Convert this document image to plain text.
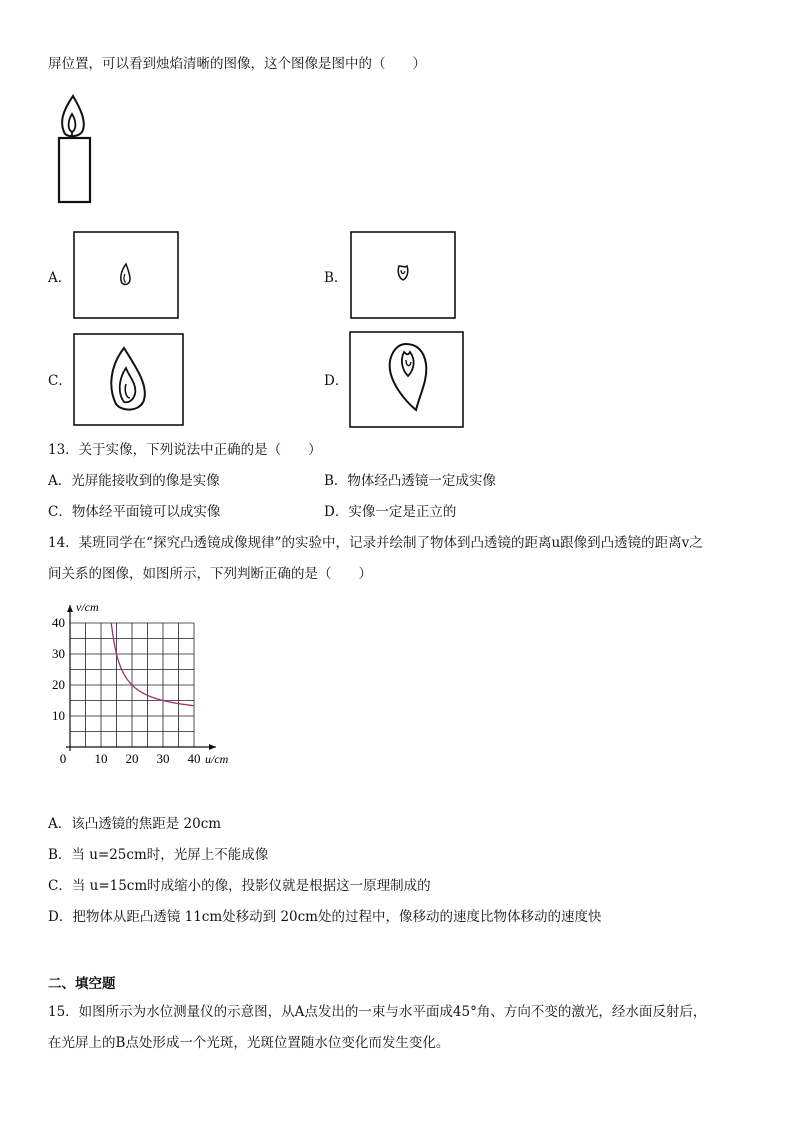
屏位置，可以看到烛焰清晰的图像，这个图像是图中的（　　）
A．	B．
C．	D．
13．关于实像，下列说法中正确的是（　　）
A．光屏能接收到的像是实像	B．物体经凸透镜一定成实像
C．物体经平面镜可以成实像	D．实像一定是正立的
14．某班同学在“探究凸透镜成像规律”的实验中，记录并绘制了物体到凸透镜的距离u跟像到凸透镜的距离v之
间关系的图像，如图所示，下列判断正确的是（　　）
0 10 20 30 40
10
20
30
40
v/cm
u/cm
A．该凸透镜的焦距是 20cm
B．当 u=25cm时，光屏上不能成像
C．当 u=15cm时成缩小的像，投影仪就是根据这一原理制成的
D．把物体从距凸透镜 11cm处移动到 20cm处的过程中，像移动的速度比物体移动的速度快
二、填空题
15．如图所示为水位测量仪的示意图，从A点发出的一束与水平面成45°角、方向不变的激光，经水面反射后，
在光屏上的B点处形成一个光斑，光斑位置随水位变化而发生变化。
